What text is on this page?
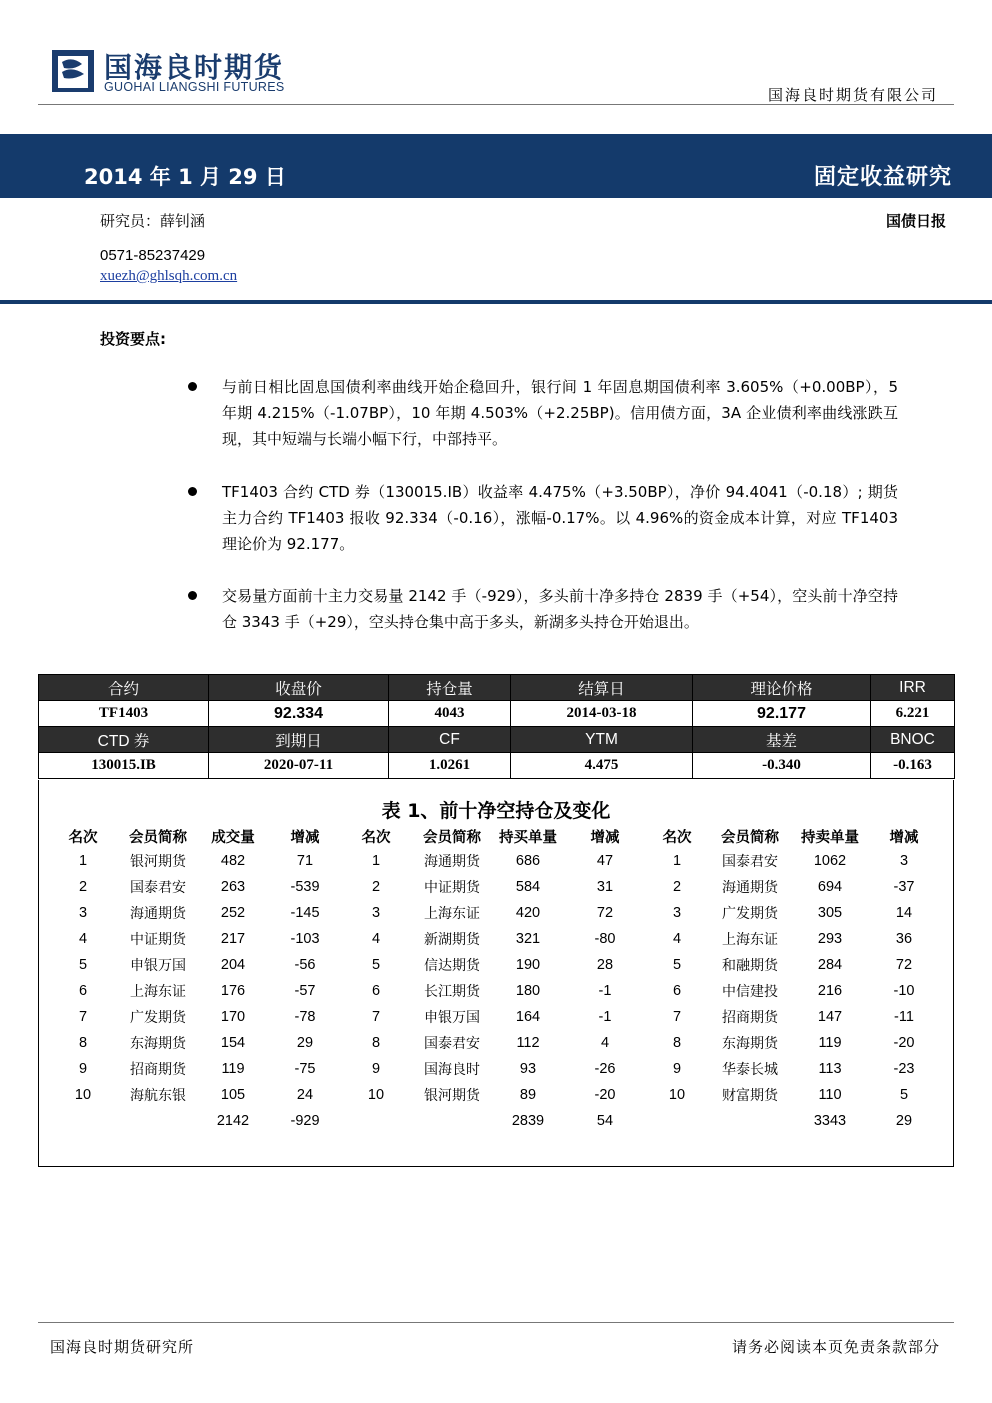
国海良时期货
GUOHAI LIANGSHI FUTURES	国海良时期货有限公司
2014 年 1 月 29 日	固定收益研究
研究员：薛钊涵	国债日报
0571-85237429
xuezh@ghlsqh.com.cn
投资要点:
与前日相比固息国债利率曲线开始企稳回升，银行间 1 年固息期国债利率 3.605%（+0.00BP），5 年期 4.215%（-1.07BP），10 年期 4.503%（+2.25BP)。信用债方面，3A 企业债利率曲线涨跌互现，其中短端与长端小幅下行，中部持平。
TF1403 合约 CTD 券（130015.IB）收益率 4.475%（+3.50BP），净价 94.4041（-0.18）; 期货主力合约 TF1403 报收 92.334（-0.16），涨幅-0.17%。以 4.96%的资金成本计算，对应 TF1403 理论价为 92.177。
交易量方面前十主力交易量 2142 手（-929），多头前十净多持仓 2839 手（+54），空头前十净空持仓 3343 手（+29），空头持仓集中高于多头，新湖多头持仓开始退出。
合约	收盘价	持仓量	结算日	理论价格	IRR
TF1403	92.334	4043	2014-03-18	92.177	6.221
CTD 券	到期日	CF	YTM	基差	BNOC
130015.IB	2020-07-11	1.0261	4.475	-0.340	-0.163
表 1、前十净空持仓及变化
名次	会员简称	成交量	增减	名次	会员简称	持买单量	增减	名次	会员简称	持卖单量	增减
1	银河期货	482	71	1	海通期货	686	47	1	国泰君安	1062	3
2	国泰君安	263	-539	2	中证期货	584	31	2	海通期货	694	-37
3	海通期货	252	-145	3	上海东证	420	72	3	广发期货	305	14
4	中证期货	217	-103	4	新湖期货	321	-80	4	上海东证	293	36
5	申银万国	204	-56	5	信达期货	190	28	5	和融期货	284	72
6	上海东证	176	-57	6	长江期货	180	-1	6	中信建投	216	-10
7	广发期货	170	-78	7	申银万国	164	-1	7	招商期货	147	-11
8	东海期货	154	29	8	国泰君安	112	4	8	东海期货	119	-20
9	招商期货	119	-75	9	国海良时	93	-26	9	华泰长城	113	-23
10	海航东银	105	24	10	银河期货	89	-20	10	财富期货	110	5
		2142	-929			2839	54			3343	29
国海良时期货研究所	请务必阅读本页免责条款部分
